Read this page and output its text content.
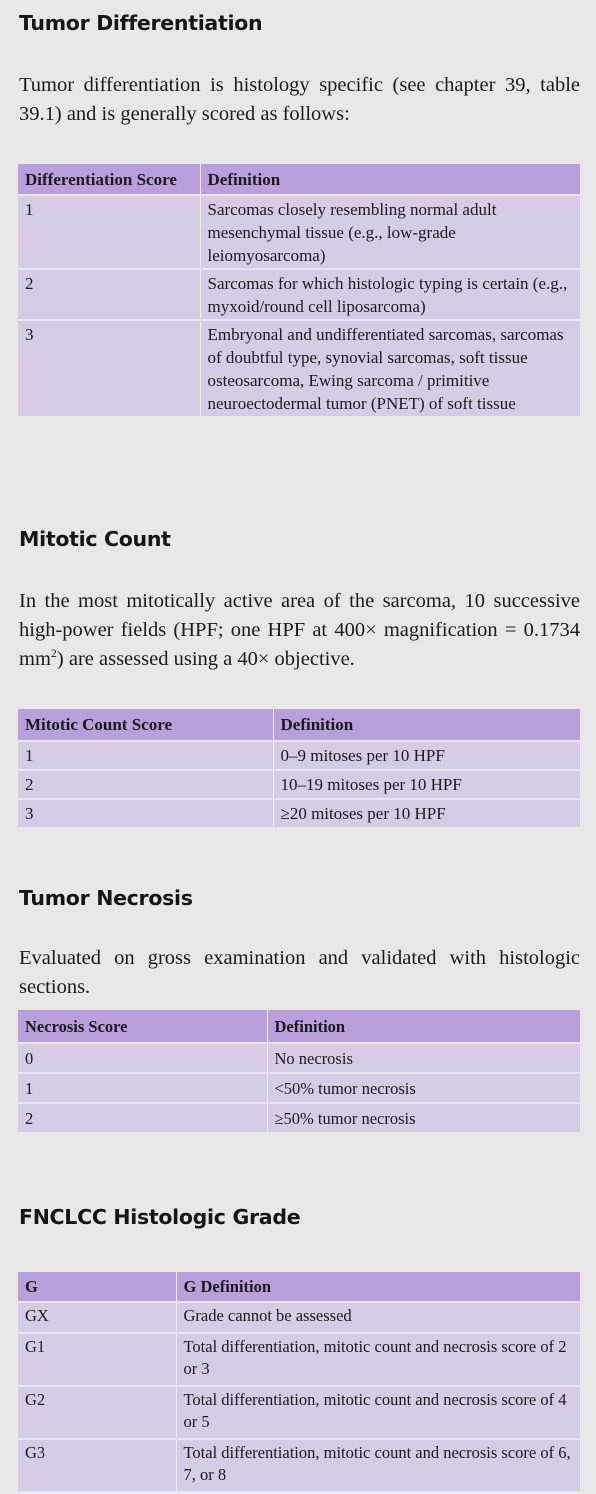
Tumor Differentiation

Tumor differentiation is histology specific (see chapter 39, table 39.1) and is generally scored as follows:

Differentiation Score	Definition
1	Sarcomas closely resembling normal adult mesenchymal tissue (e.g., low-grade leiomyosarcoma)
2	Sarcomas for which histologic typing is certain (e.g., myxoid/round cell liposarcoma)
3	Embryonal and undifferentiated sarcomas, sarcomas of doubtful type, synovial sarcomas, soft tissue osteosarcoma, Ewing sarcoma / primitive neuroectodermal tumor (PNET) of soft tissue
Mitotic Count

In the most mitotically active area of the sarcoma, 10 successive high-power fields (HPF; one HPF at 400× magnification = 0.1734 $mm^2$) are assessed using a 40× objective.

Mitotic Count Score	Definition
1	0–9 mitoses per 10 HPF
2	10–19 mitoses per 10 HPF
3	≥20 mitoses per 10 HPF
Tumor Necrosis

Evaluated on gross examination and validated with histologic sections.

Necrosis Score	Definition
0	No necrosis
1	<50% tumor necrosis
2	≥50% tumor necrosis
FNCLCC Histologic Grade
G	G Definition
GX	Grade cannot be assessed
G1	Total differentiation, mitotic count and necrosis score of 2 or 3
G2	Total differentiation, mitotic count and necrosis score of 4 or 5
G3	Total differentiation, mitotic count and necrosis score of 6, 7, or 8
